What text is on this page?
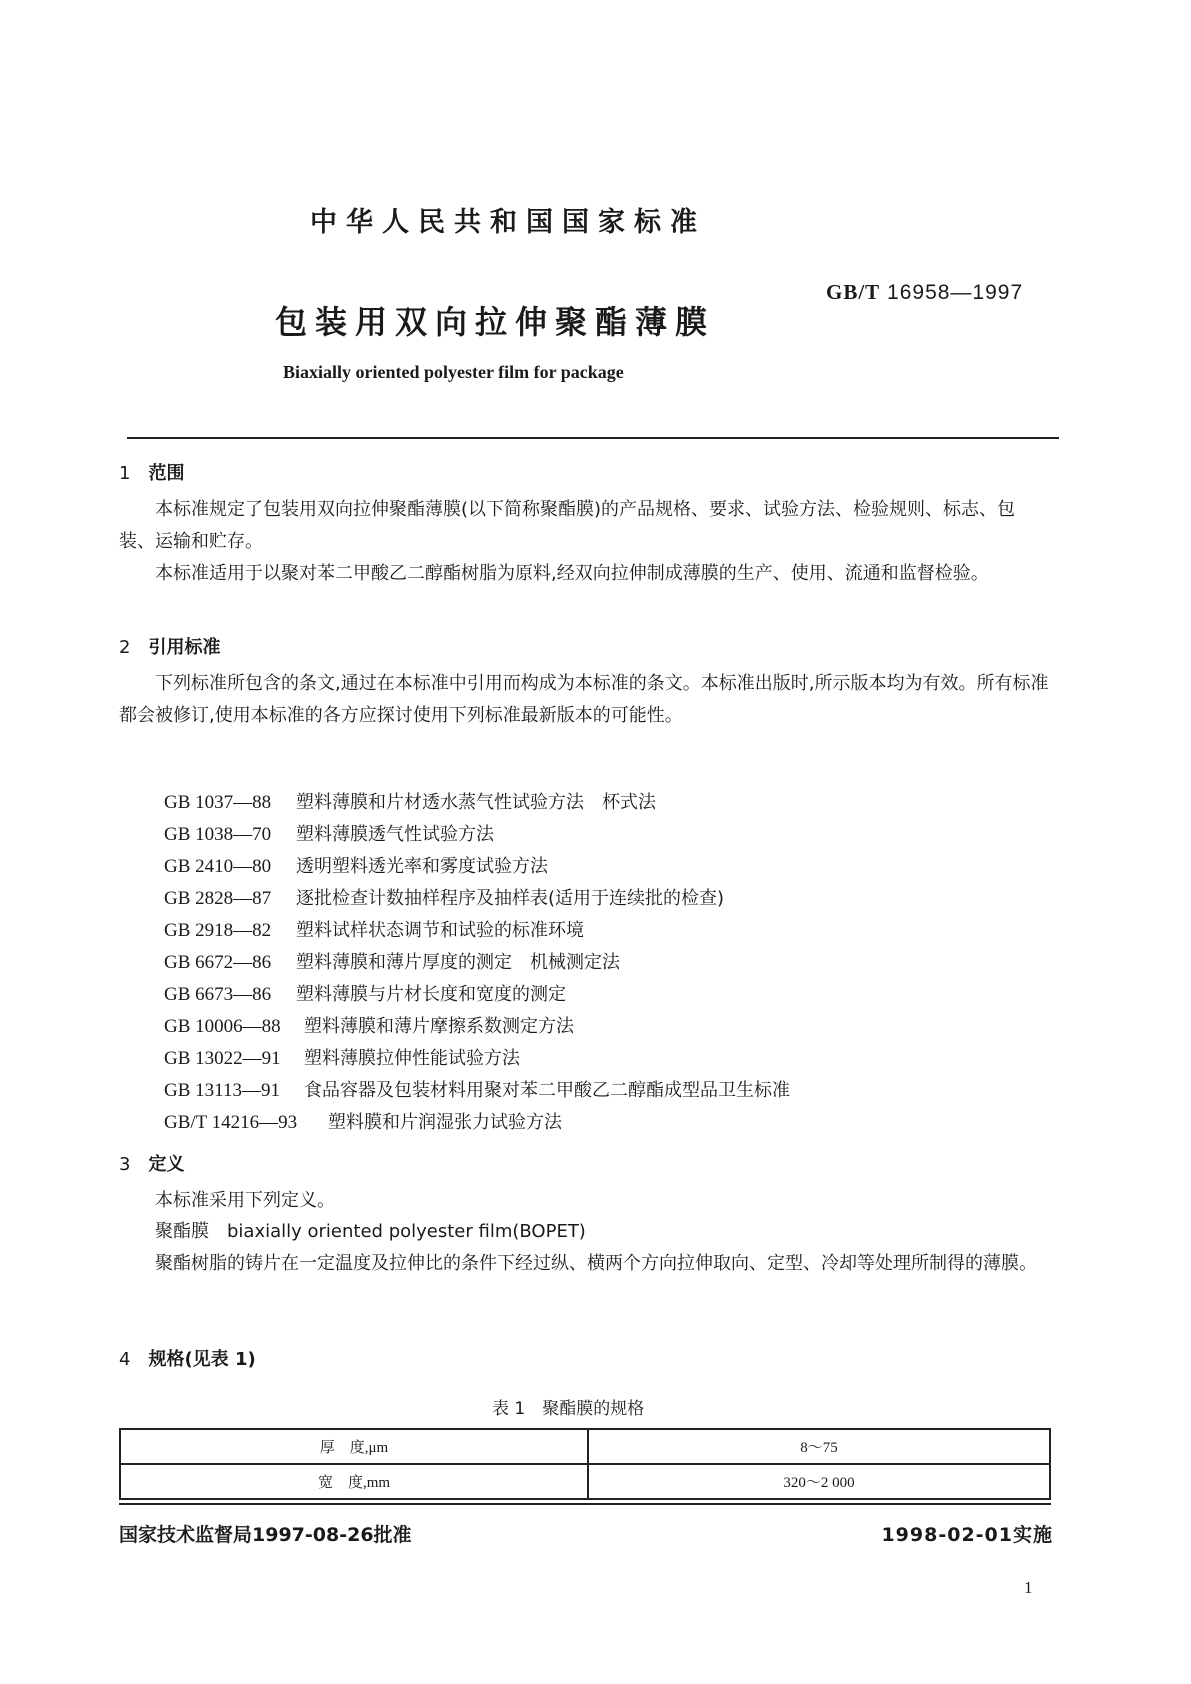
中华人民共和国国家标准
GB/T 16958—1997
包装用双向拉伸聚酯薄膜
Biaxially oriented polyester film for package
1 范围
本标准规定了包装用双向拉伸聚酯薄膜(以下简称聚酯膜)的产品规格、要求、试验方法、检验规则、标志、包装、运输和贮存。
本标准适用于以聚对苯二甲酸乙二醇酯树脂为原料,经双向拉伸制成薄膜的生产、使用、流通和监督检验。
2 引用标准
下列标准所包含的条文,通过在本标准中引用而构成为本标准的条文。本标准出版时,所示版本均为有效。所有标准都会被修订,使用本标准的各方应探讨使用下列标准最新版本的可能性。
GB 1037—88 塑料薄膜和片材透水蒸气性试验方法　杯式法
GB 1038—70 塑料薄膜透气性试验方法
GB 2410—80 透明塑料透光率和雾度试验方法
GB 2828—87 逐批检查计数抽样程序及抽样表(适用于连续批的检查)
GB 2918—82 塑料试样状态调节和试验的标准环境
GB 6672—86 塑料薄膜和薄片厚度的测定　机械测定法
GB 6673—86 塑料薄膜与片材长度和宽度的测定
GB 10006—88 塑料薄膜和薄片摩擦系数测定方法
GB 13022—91 塑料薄膜拉伸性能试验方法
GB 13113—91 食品容器及包装材料用聚对苯二甲酸乙二醇酯成型品卫生标准
GB/T 14216—93 塑料膜和片润湿张力试验方法
3 定义
本标准采用下列定义。
聚酯膜　biaxially oriented polyester film(BOPET)
聚酯树脂的铸片在一定温度及拉伸比的条件下经过纵、横两个方向拉伸取向、定型、冷却等处理所制得的薄膜。
4 规格(见表 1)
表 1　聚酯膜的规格
厚　度,μm	8～75
宽　度,mm	320～2 000
国家技术监督局1997-08-26批准	1998-02-01实施
1
